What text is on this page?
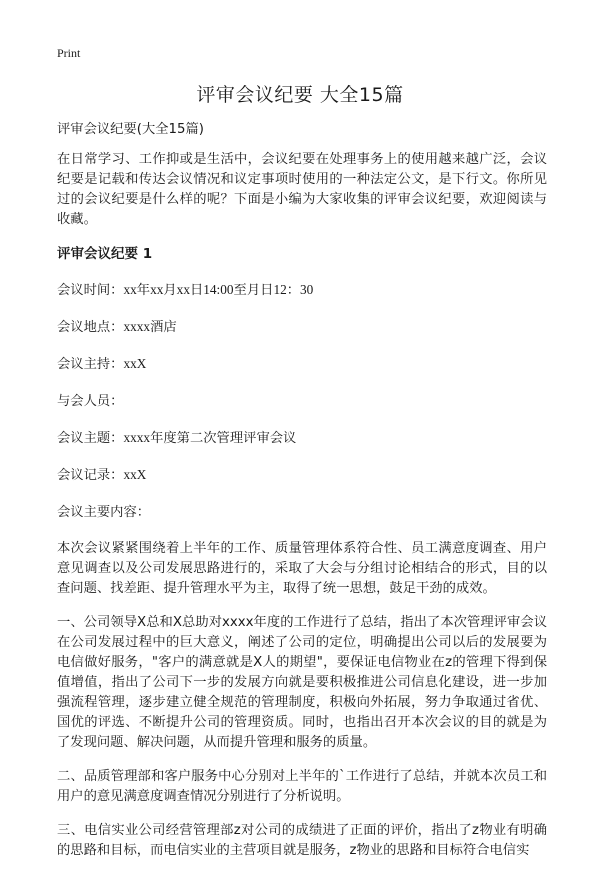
Print
评审会议纪要 大全15篇

评审会议纪要(大全15篇)

在日常学习、工作抑或是生活中，会议纪要在处理事务上的使用越来越广泛，会议纪要是记载和传达会议情况和议定事项时使用的一种法定公文，是下行文。你所见过的会议纪要是什么样的呢？下面是小编为大家收集的评审会议纪要，欢迎阅读与收藏。

评审会议纪要 1

会议时间：xx年xx月xx日14:00至月日12：30

会议地点：xxxx酒店

会议主持：xxX

与会人员：

会议主题：xxxx年度第二次管理评审会议

会议记录：xxX

会议主要内容：

本次会议紧紧围绕着上半年的工作、质量管理体系符合性、员工满意度调查、用户意见调查以及公司发展思路进行的，采取了大会与分组讨论相结合的形式，目的以查问题、找差距、提升管理水平为主，取得了统一思想，鼓足干劲的成效。

一、公司领导X总和X总助对xxxx年度的工作进行了总结，指出了本次管理评审会议在公司发展过程中的巨大意义，阐述了公司的定位，明确提出公司以后的发展要为电信做好服务，"客户的满意就是X人的期望"，要保证电信物业在z的管理下得到保值增值，指出了公司下一步的发展方向就是要积极推进公司信息化建设，进一步加强流程管理，逐步建立健全规范的管理制度，积极向外拓展，努力争取通过省优、国优的评选、不断提升公司的管理资质。同时，也指出召开本次会议的目的就是为了发现问题、解决问题，从而提升管理和服务的质量。

二、品质管理部和客户服务中心分别对上半年的`工作进行了总结，并就本次员工和用户的意见满意度调查情况分别进行了分析说明。

三、电信实业公司经营管理部z对公司的成绩进了正面的评价，指出了z物业有明确的思路和目标，而电信实业的主营项目就是服务，z物业的思路和目标符合电信实
